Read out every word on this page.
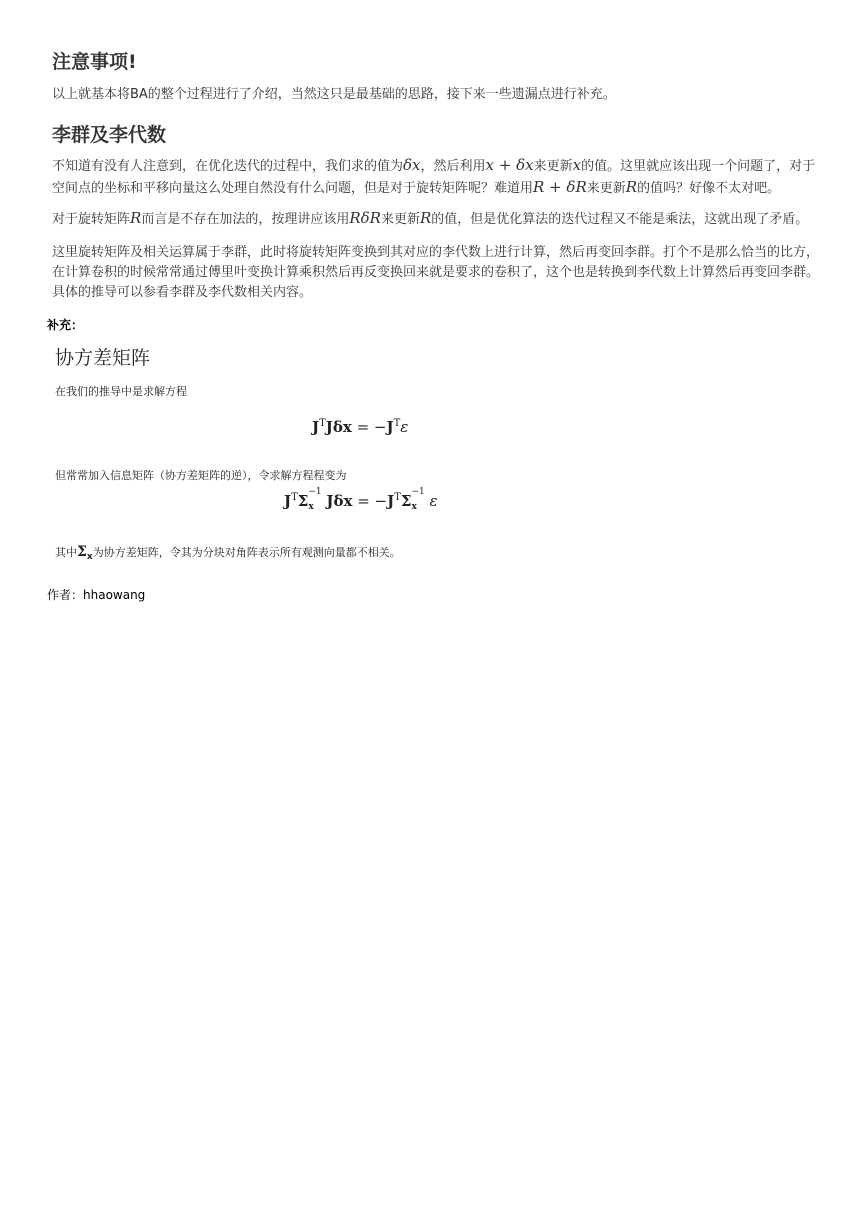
注意事项!
以上就基本将BA的整个过程进行了介绍，当然这只是最基础的思路，接下来一些遗漏点进行补充。
李群及李代数
不知道有没有人注意到，在优化迭代的过程中，我们求的值为δx，然后利用x + δx来更新x的值。这里就应该出现一个问题了，对于空间点的坐标和平移向量这么处理自然没有什么问题，但是对于旋转矩阵呢？难道用R + δR来更新R的值吗？好像不太对吧。
对于旋转矩阵R而言是不存在加法的，按理讲应该用RδR来更新R的值，但是优化算法的迭代过程又不能是乘法，这就出现了矛盾。
这里旋转矩阵及相关运算属于李群，此时将旋转矩阵变换到其对应的李代数上进行计算，然后再变回李群。打个不是那么恰当的比方，在计算卷积的时候常常通过傅里叶变换计算乘积然后再反变换回来就是要求的卷积了，这个也是转换到李代数上计算然后再变回李群。具体的推导可以参看李群及李代数相关内容。
补充：
协方差矩阵
在我们的推导中是求解方程
$J^TJ\delta x = -J^T\varepsilon$
但常常加入信息矩阵（协方差矩阵的逆），令求解方程程变为
$J^T\Sigma -1$
x $J\delta x = -J^T\Sigma -1$
x ε
其中$\Sigma_x$为协方差矩阵，令其为分块对角阵表示所有观测向量都不相关。
作者：hhaowang
